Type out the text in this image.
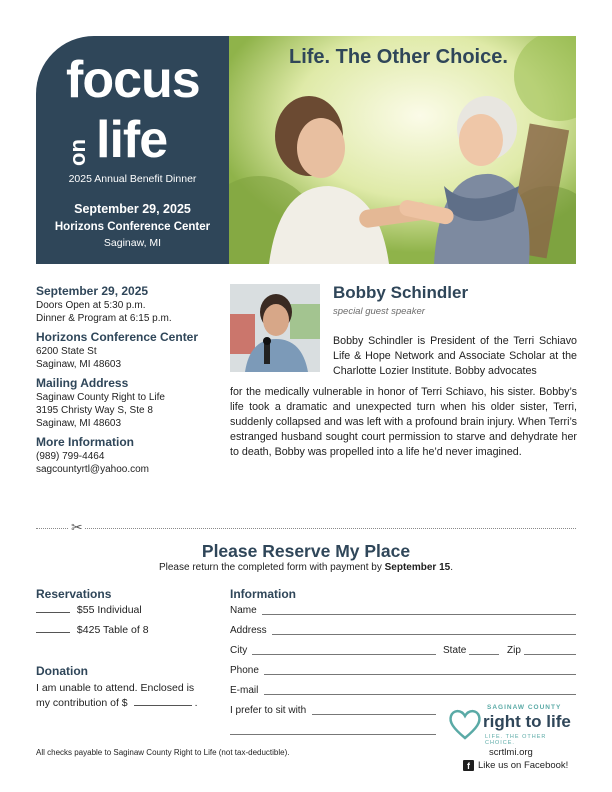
focus
on life
2025 Annual Benefit Dinner
September 29, 2025
Horizons Conference Center
Saginaw, MI
Life. The Other Choice.
September 29, 2025
Doors Open at 5:30 p.m.
Dinner & Program at 6:15 p.m.
Horizons Conference Center
6200 State St
Saginaw, MI 48603
Mailing Address
Saginaw County Right to Life
3195 Christy Way S, Ste 8
Saginaw, MI 48603
More Information
(989) 799-4464
sagcountyrtl@yahoo.com
Bobby Schindler
special guest speaker
Bobby Schindler is President of the Terri Schiavo Life & Hope Network and Associate Scholar at the Charlotte Lozier Institute. Bobby advocates
for the medically vulnerable in honor of Terri Schiavo, his sister. Bobby’s life took a dramatic and unexpected turn when his older sister, Terri, suddenly collapsed and was left with a profound brain injury. When Terri’s estranged husband sought court permission to starve and dehydrate her to death, Bobby was propelled into a life he’d never imagined.
✂
Please Reserve My Place
Please return the completed form with payment by September 15.
Reservations
$55 Individual
$425 Table of 8
Donation
I am unable to attend. Enclosed is my contribution of $	.
Information
Name
Address
City	State	Zip
Phone
E-mail
I prefer to sit with
All checks payable to Saginaw County Right to Life (not tax-deductible).
SAGINAW COUNTY
right to life
LIFE. THE OTHER CHOICE.
scrtlmi.org
f Like us on Facebook!
